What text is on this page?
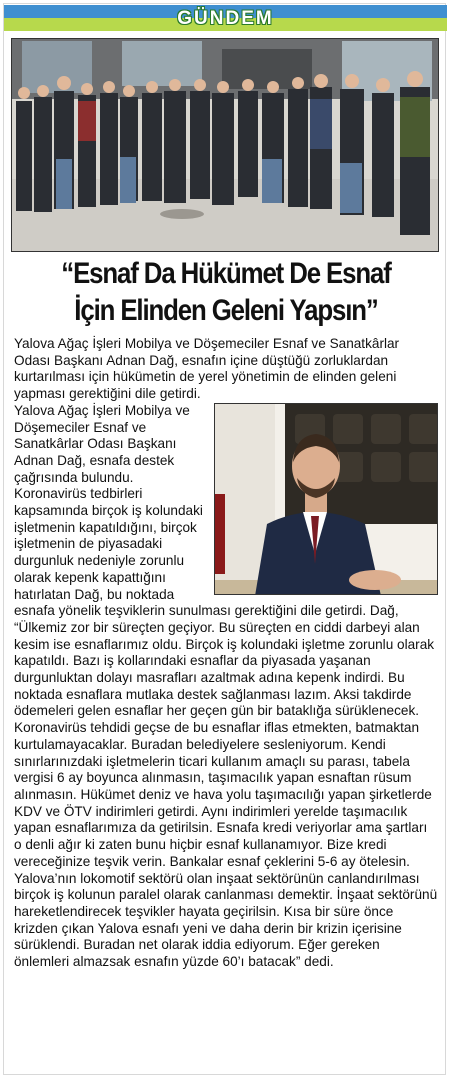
GÜNDEM
“Esnaf Da Hükümet De Esnaf
İçin Elinden Geleni Yapsın”

Yalova Ağaç İşleri Mobilya ve Döşemeciler Esnaf ve Sanatkârlar Odası Başkanı Adnan Dağ, esnafın içine düştüğü zorluklardan kurtarılması için hükümetin de yerel yönetimin de elinden geleni yapması gerektiğini dile getirdi.

Yalova Ağaç İşleri Mobilya ve Döşemeciler Esnaf ve Sanatkârlar Odası Başkanı Adnan Dağ, esnafa destek çağrısında bulundu. Koronavirüs tedbirleri kapsamında birçok iş kolundaki işletmenin kapatıldığını, birçok işletmenin de piyasadaki durgunluk nedeniyle zorunlu olarak kepenk kapattığını hatırlatan Dağ, bu noktada esnafa yönelik teşviklerin sunulması gerektiğini dile getirdi. Dağ, “Ülkemiz zor bir süreçten geçiyor. Bu süreçten en ciddi darbeyi alan kesim ise esnaflarımız oldu. Birçok iş kolundaki işletme zorunlu olarak kapatıldı. Bazı iş kollarındaki esnaflar da piyasada yaşanan durgunluktan dolayı masrafları azaltmak adına kepenk indirdi. Bu noktada esnaflara mutlaka destek sağlanması lazım. Aksi takdirde ödemeleri gelen esnaflar her geçen gün bir bataklığa sürüklenecek. Koronavirüs tehdidi geçse de bu esnaflar iflas etmekten, batmaktan kurtulamayacaklar. Buradan belediyelere sesleniyorum. Kendi sınırlarınızdaki işletmelerin ticari kullanım amaçlı su parası, tabela vergisi 6 ay boyunca alınmasın, taşımacılık yapan esnaftan rüsum alınmasın. Hükümet deniz ve hava yolu taşımacılığı yapan şirketlerde KDV ve ÖTV indirimleri getirdi. Aynı indirimleri yerelde taşımacılık yapan esnaflarımıza da getirilsin. Esnafa kredi veriyorlar ama şartları o denli ağır ki zaten bunu hiçbir esnaf kullanamıyor. Bize kredi vereceğinize teşvik verin. Bankalar esnaf çeklerini 5-6 ay ötelesin. Yalova’nın lokomotif sektörü olan inşaat sektörünün canlandırılması birçok iş kolunun paralel olarak canlanması demektir. İnşaat sektörünü hareketlendirecek teşvikler hayata geçirilsin. Kısa bir süre önce krizden çıkan Yalova esnafı yeni ve daha derin bir krizin içerisine sürüklendi. Buradan net olarak iddia ediyorum. Eğer gereken önlemleri almazsak esnafın yüzde 60’ı batacak” dedi.
